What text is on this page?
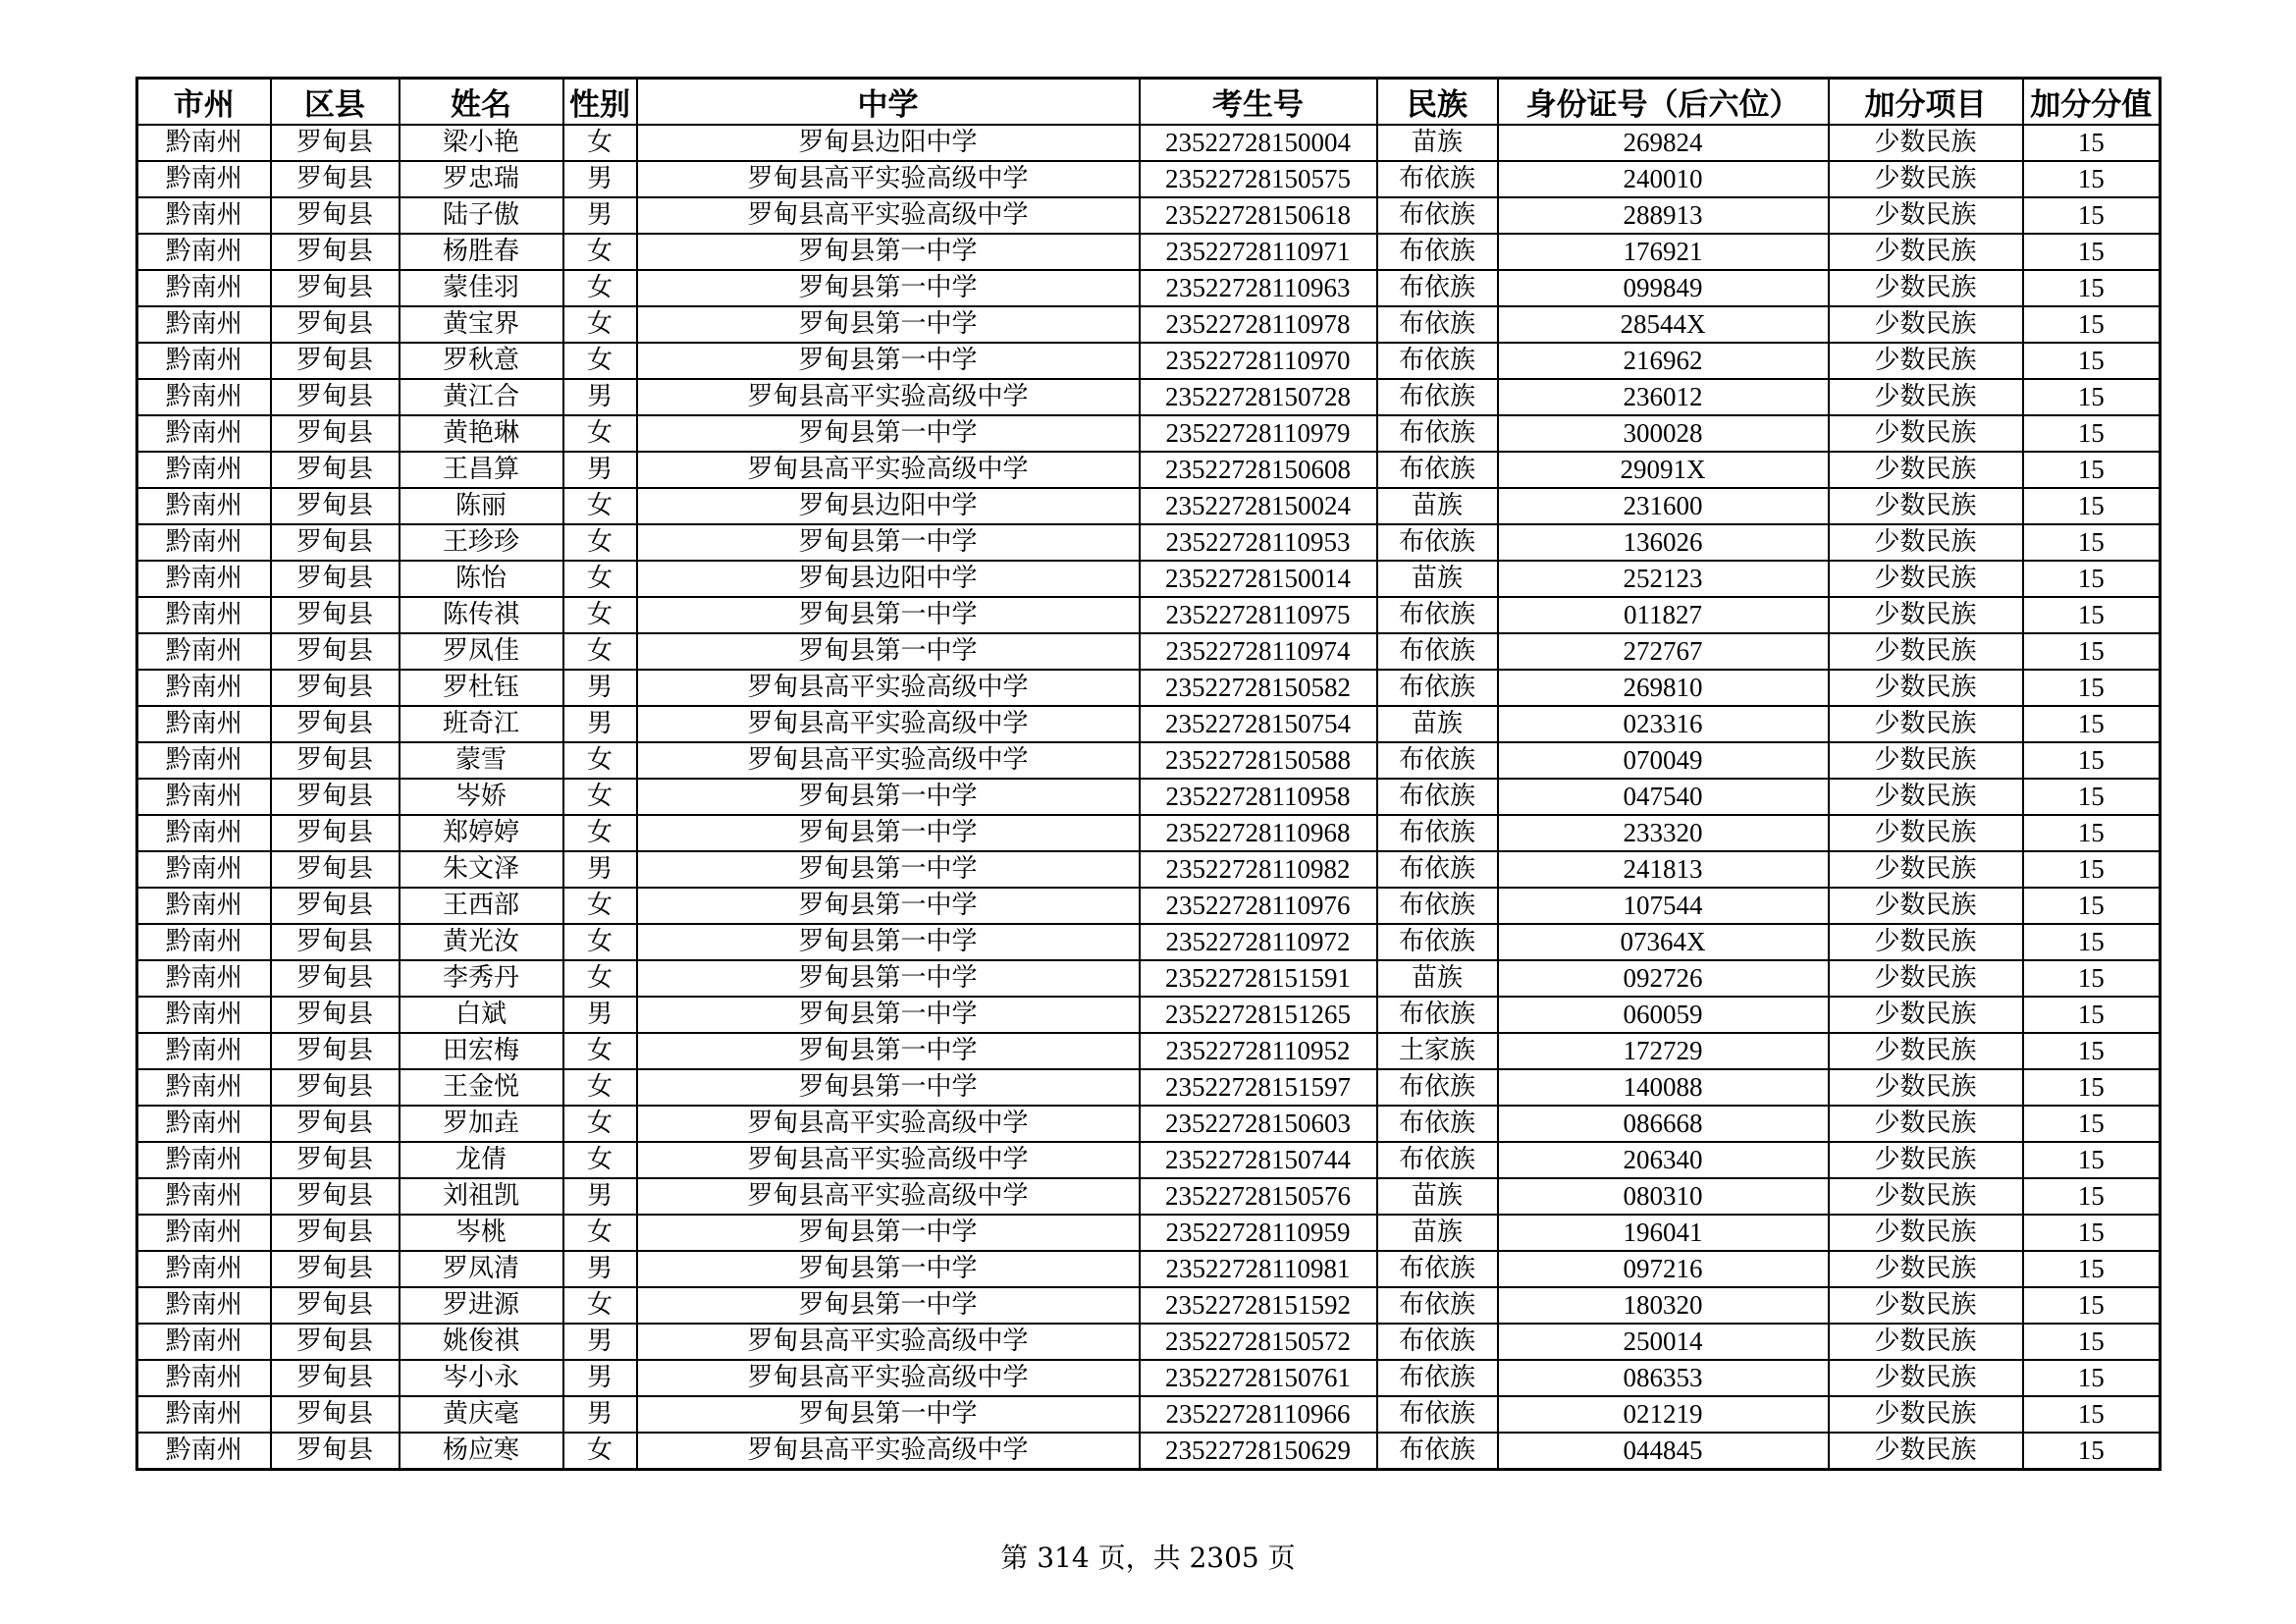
市州	区县	姓名	性别	中学	考生号	民族	身份证号（后六位）	加分项目	加分分值
黔南州	罗甸县	梁小艳	女	罗甸县边阳中学	23522728150004	苗族	269824	少数民族	15
黔南州	罗甸县	罗忠瑞	男	罗甸县高平实验高级中学	23522728150575	布依族	240010	少数民族	15
黔南州	罗甸县	陆子傲	男	罗甸县高平实验高级中学	23522728150618	布依族	288913	少数民族	15
黔南州	罗甸县	杨胜春	女	罗甸县第一中学	23522728110971	布依族	176921	少数民族	15
黔南州	罗甸县	蒙佳羽	女	罗甸县第一中学	23522728110963	布依族	099849	少数民族	15
黔南州	罗甸县	黄宝界	女	罗甸县第一中学	23522728110978	布依族	28544X	少数民族	15
黔南州	罗甸县	罗秋意	女	罗甸县第一中学	23522728110970	布依族	216962	少数民族	15
黔南州	罗甸县	黄江合	男	罗甸县高平实验高级中学	23522728150728	布依族	236012	少数民族	15
黔南州	罗甸县	黄艳琳	女	罗甸县第一中学	23522728110979	布依族	300028	少数民族	15
黔南州	罗甸县	王昌算	男	罗甸县高平实验高级中学	23522728150608	布依族	29091X	少数民族	15
黔南州	罗甸县	陈丽	女	罗甸县边阳中学	23522728150024	苗族	231600	少数民族	15
黔南州	罗甸县	王珍珍	女	罗甸县第一中学	23522728110953	布依族	136026	少数民族	15
黔南州	罗甸县	陈怡	女	罗甸县边阳中学	23522728150014	苗族	252123	少数民族	15
黔南州	罗甸县	陈传祺	女	罗甸县第一中学	23522728110975	布依族	011827	少数民族	15
黔南州	罗甸县	罗凤佳	女	罗甸县第一中学	23522728110974	布依族	272767	少数民族	15
黔南州	罗甸县	罗杜钰	男	罗甸县高平实验高级中学	23522728150582	布依族	269810	少数民族	15
黔南州	罗甸县	班奇江	男	罗甸县高平实验高级中学	23522728150754	苗族	023316	少数民族	15
黔南州	罗甸县	蒙雪	女	罗甸县高平实验高级中学	23522728150588	布依族	070049	少数民族	15
黔南州	罗甸县	岑娇	女	罗甸县第一中学	23522728110958	布依族	047540	少数民族	15
黔南州	罗甸县	郑婷婷	女	罗甸县第一中学	23522728110968	布依族	233320	少数民族	15
黔南州	罗甸县	朱文泽	男	罗甸县第一中学	23522728110982	布依族	241813	少数民族	15
黔南州	罗甸县	王西部	女	罗甸县第一中学	23522728110976	布依族	107544	少数民族	15
黔南州	罗甸县	黄光汝	女	罗甸县第一中学	23522728110972	布依族	07364X	少数民族	15
黔南州	罗甸县	李秀丹	女	罗甸县第一中学	23522728151591	苗族	092726	少数民族	15
黔南州	罗甸县	白斌	男	罗甸县第一中学	23522728151265	布依族	060059	少数民族	15
黔南州	罗甸县	田宏梅	女	罗甸县第一中学	23522728110952	土家族	172729	少数民族	15
黔南州	罗甸县	王金悦	女	罗甸县第一中学	23522728151597	布依族	140088	少数民族	15
黔南州	罗甸县	罗加垚	女	罗甸县高平实验高级中学	23522728150603	布依族	086668	少数民族	15
黔南州	罗甸县	龙倩	女	罗甸县高平实验高级中学	23522728150744	布依族	206340	少数民族	15
黔南州	罗甸县	刘祖凯	男	罗甸县高平实验高级中学	23522728150576	苗族	080310	少数民族	15
黔南州	罗甸县	岑桃	女	罗甸县第一中学	23522728110959	苗族	196041	少数民族	15
黔南州	罗甸县	罗凤清	男	罗甸县第一中学	23522728110981	布依族	097216	少数民族	15
黔南州	罗甸县	罗进源	女	罗甸县第一中学	23522728151592	布依族	180320	少数民族	15
黔南州	罗甸县	姚俊祺	男	罗甸县高平实验高级中学	23522728150572	布依族	250014	少数民族	15
黔南州	罗甸县	岑小永	男	罗甸县高平实验高级中学	23522728150761	布依族	086353	少数民族	15
黔南州	罗甸县	黄庆毫	男	罗甸县第一中学	23522728110966	布依族	021219	少数民族	15
黔南州	罗甸县	杨应寒	女	罗甸县高平实验高级中学	23522728150629	布依族	044845	少数民族	15
第 314 页，共 2305 页
